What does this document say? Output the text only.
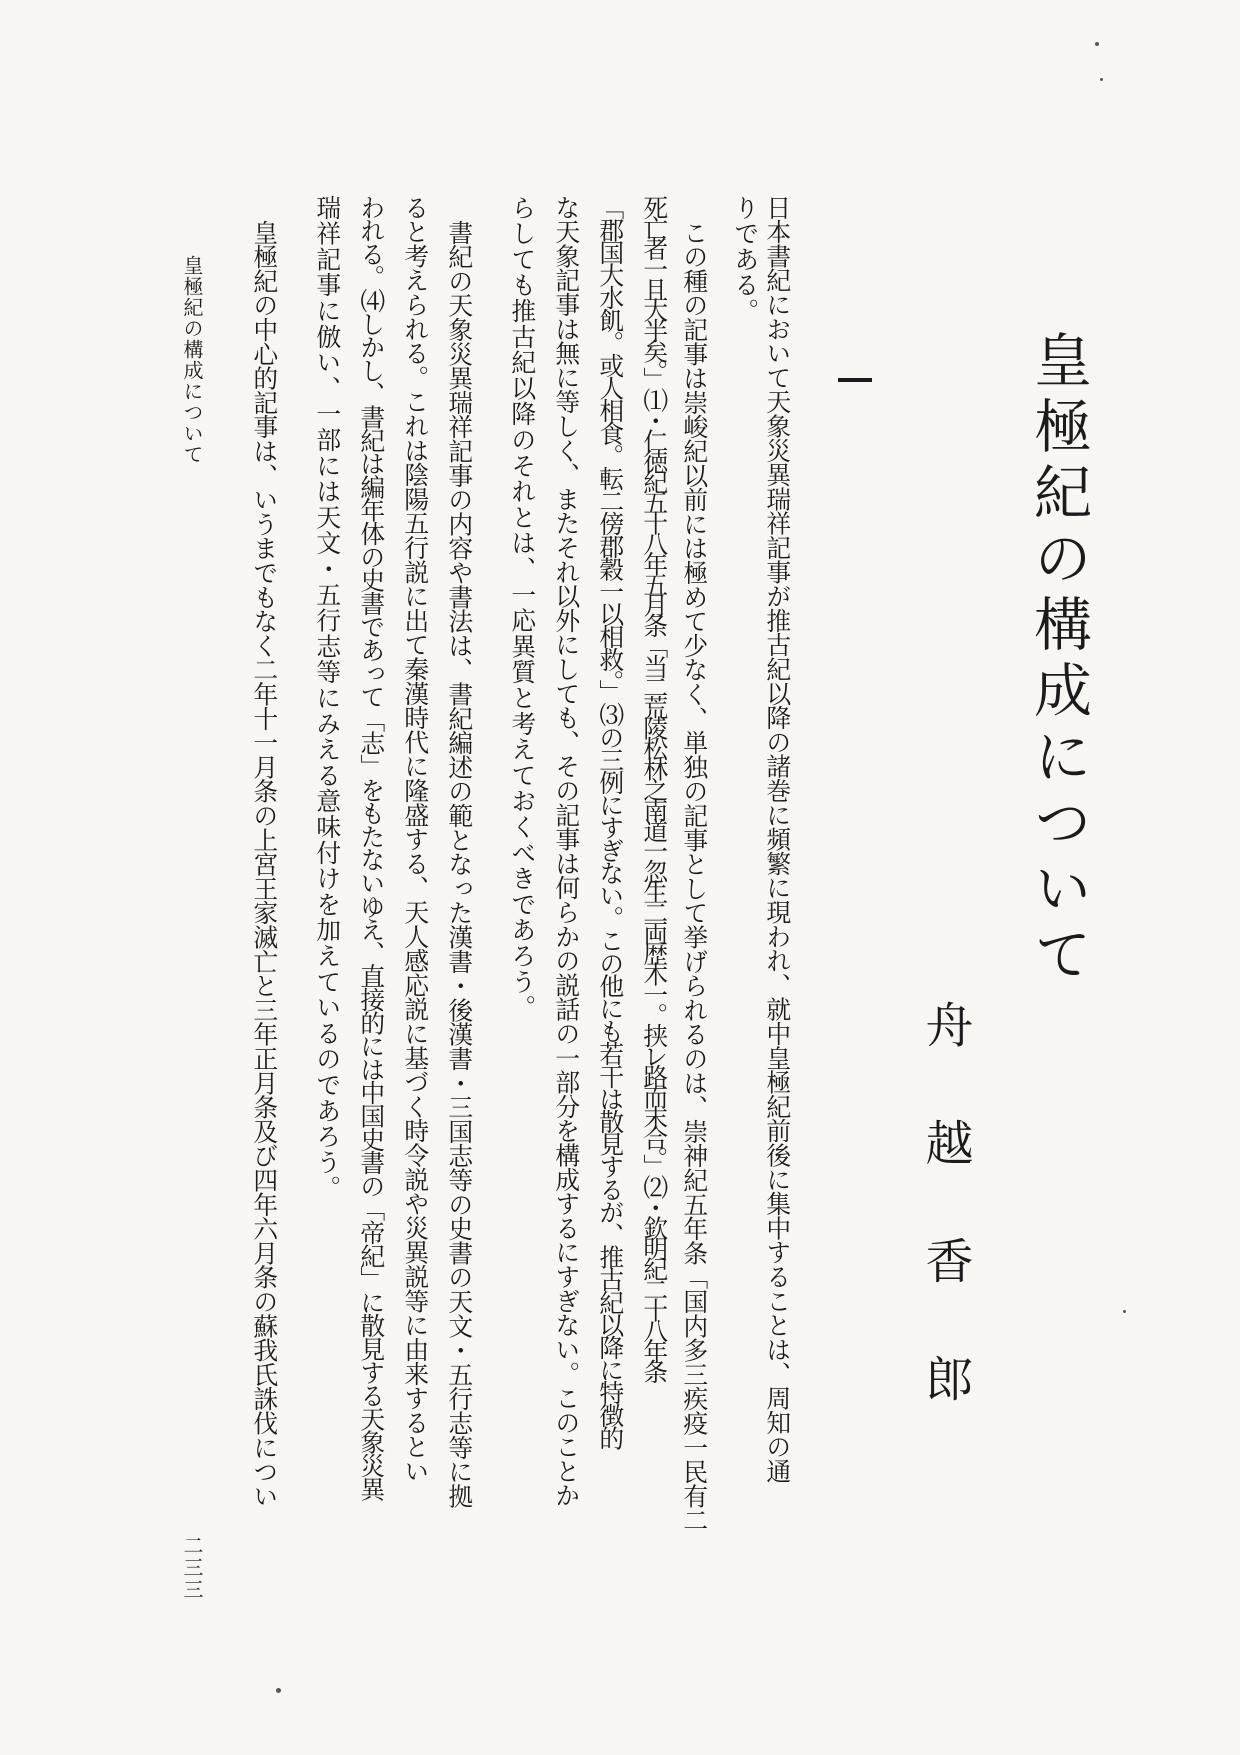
皇極紀の構成について
舟越香郎
日本書紀において天象災異瑞祥記事が推古紀以降の諸巻に頻繁に現われ、就中皇極紀前後に集中することは、周知の通
りである。
この種の記事は崇峻紀以前には極めて少なく、単独の記事として挙げられるのは、崇神紀五年条「国内多三疾疫一民有二
死亡者一且大半矣。」⑴・仁徳紀五十八年五月条「当二荒陵松林之南道一忽生二両歴木一。挟レ路而末合。」⑵・欽明紀二十八年条
「郡国大水飢。或人相食。転二傍郡穀一以相救。」⑶の三例にすぎない。この他にも若干は散見するが、推古紀以降に特徴的
な天象記事は無に等しく、またそれ以外にしても、その記事は何らかの説話の一部分を構成するにすぎない。このことか
らしても推古紀以降のそれとは、一応異質と考えておくべきであろう。
書紀の天象災異瑞祥記事の内容や書法は、書紀編述の範となった漢書・後漢書・三国志等の史書の天文・五行志等に拠
ると考えられる。これは陰陽五行説に出て秦漢時代に隆盛する、天人感応説に基づく時令説や災異説等に由来するとい
われる。⑷しかし、書紀は編年体の史書であって「志」をもたないゆえ、直接的には中国史書の「帝紀」に散見する天象災異
瑞祥記事に倣い、一部には天文・五行志等にみえる意味付けを加えているのであろう。
皇極紀の中心的記事は、いうまでもなく二年十一月条の上宮王家滅亡と三年正月条及び四年六月条の蘇我氏誅伐につい
皇極紀の構成について
二三三
